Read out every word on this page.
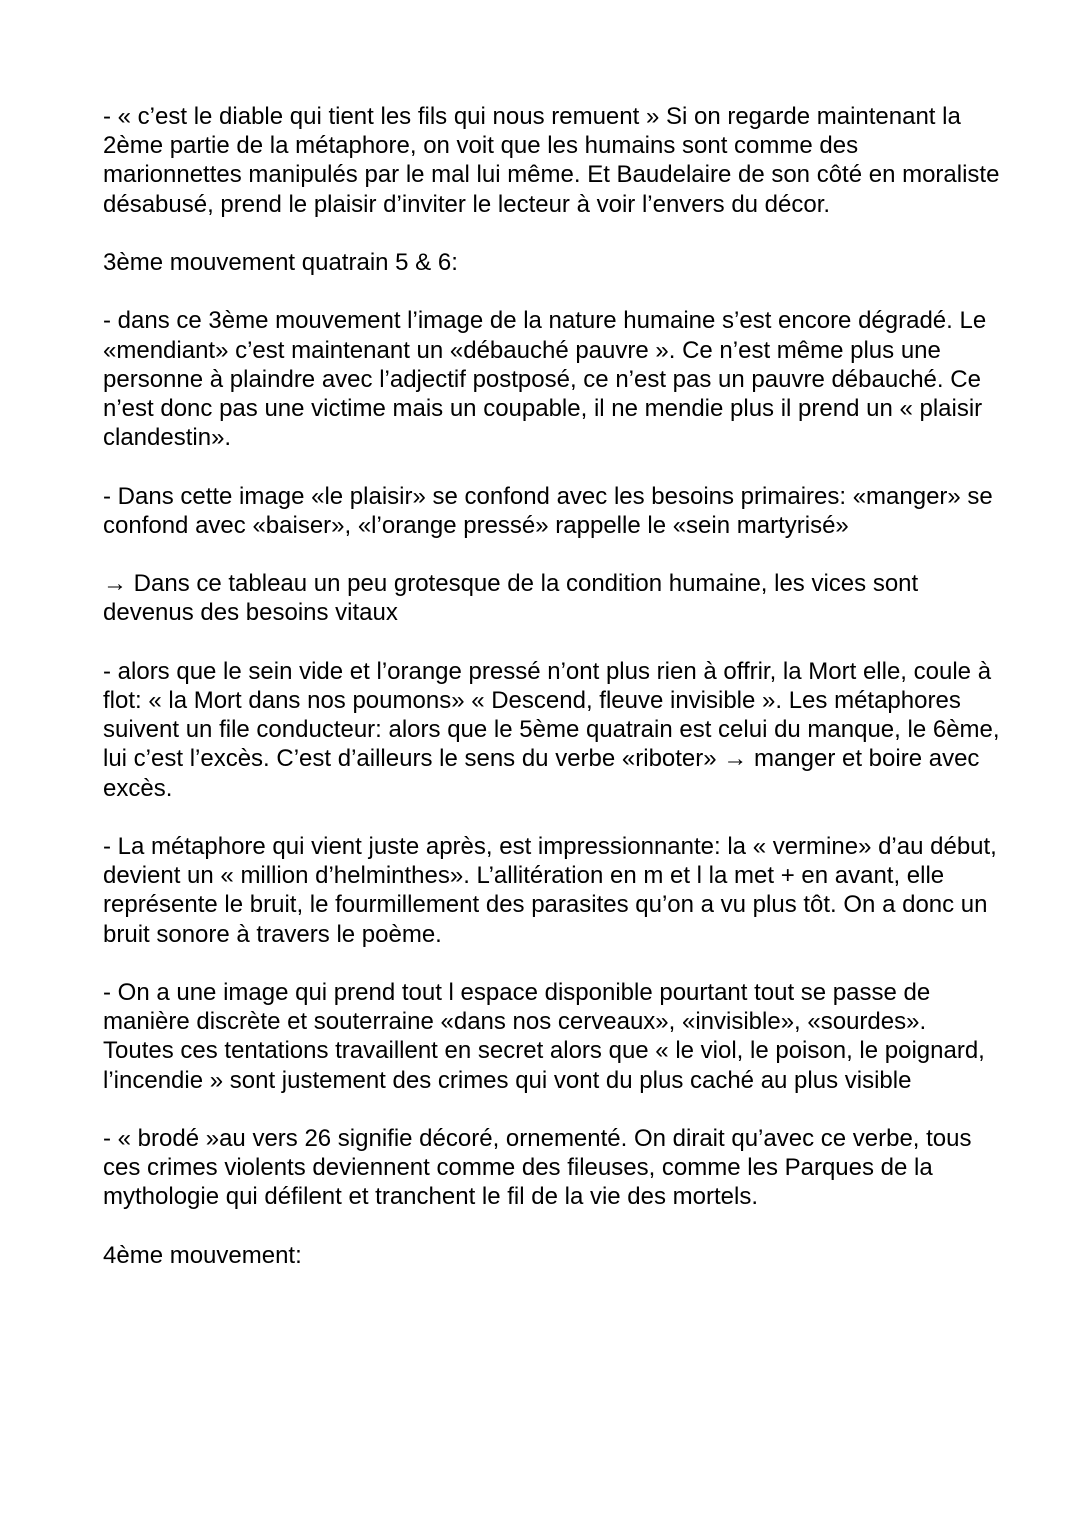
- « c’est le diable qui tient les fils qui nous remuent » Si on regarde maintenant la 2ème partie de la métaphore, on voit que les humains sont comme des marionnettes manipulés par le mal lui même. Et Baudelaire de son côté en moraliste désabusé, prend le plaisir d’inviter le lecteur à voir l’envers du décor.

3ème mouvement quatrain 5 & 6:

- dans ce 3ème mouvement l’image de la nature humaine s’est encore dégradé. Le «mendiant» c’est maintenant un «débauché pauvre ». Ce n’est même plus une personne à plaindre avec l’adjectif postposé, ce n’est pas un pauvre débauché. Ce n’est donc pas une victime mais un coupable, il ne mendie plus il prend un « plaisir clandestin».

- Dans cette image «le plaisir» se confond avec les besoins primaires: «manger» se confond avec «baiser», «l’orange pressé» rappelle le «sein martyrisé»

→ Dans ce tableau un peu grotesque de la condition humaine, les vices sont devenus des besoins vitaux

- alors que le sein vide et l’orange pressé n’ont plus rien à offrir, la Mort elle, coule à flot: « la Mort dans nos poumons» « Descend, fleuve invisible ». Les métaphores suivent un file conducteur: alors que le 5ème quatrain est celui du manque, le 6ème, lui c’est l’excès. C’est d’ailleurs le sens du verbe «riboter» → manger et boire avec excès.

- La métaphore qui vient juste après, est impressionnante: la « vermine» d’au début, devient un « million d’helminthes». L’allitération en m et l la met + en avant, elle représente le bruit, le fourmillement des parasites qu’on a vu plus tôt. On a donc un bruit sonore à travers le poème.

- On a une image qui prend tout l espace disponible pourtant tout se passe de manière discrète et souterraine «dans nos cerveaux», «invisible», «sourdes». Toutes ces tentations travaillent en secret alors que « le viol, le poison, le poignard, l’incendie » sont justement des crimes qui vont du plus caché au plus visible

- « brodé »au vers 26 signifie décoré, ornementé. On dirait qu’avec ce verbe, tous ces crimes violents deviennent comme des fileuses, comme les Parques de la mythologie qui défilent et tranchent le fil de la vie des mortels.

4ème mouvement:
